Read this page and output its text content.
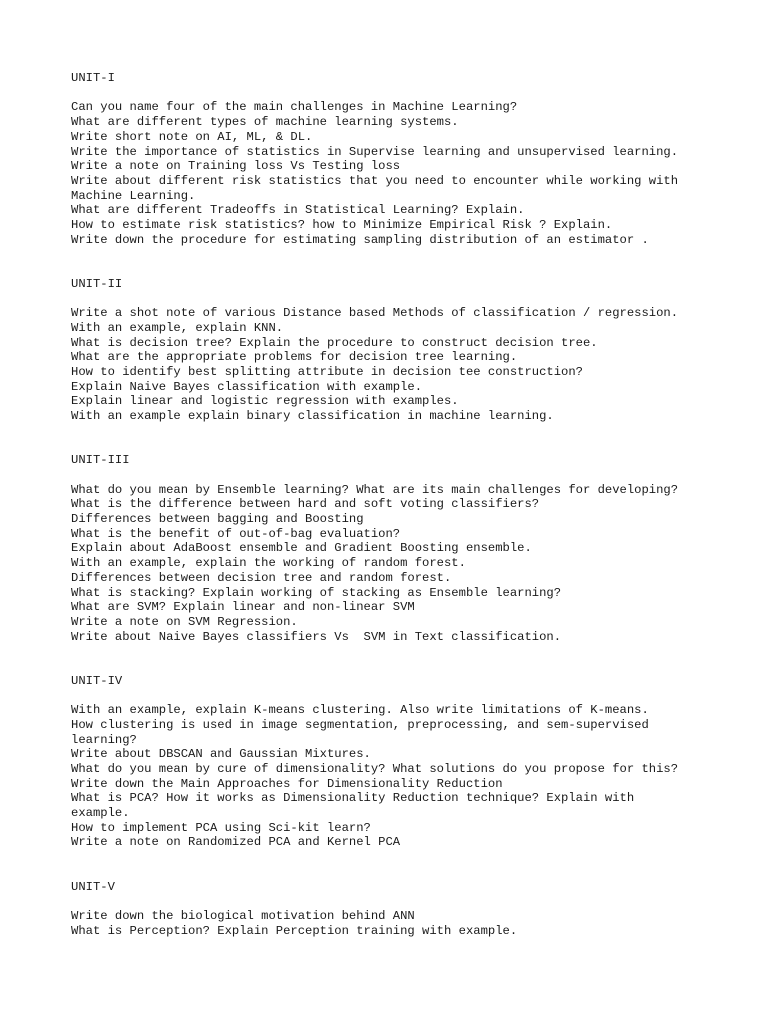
UNIT-I
Can you name four of the main challenges in Machine Learning?
What are different types of machine learning systems.
Write short note on AI, ML, & DL.
Write the importance of statistics in Supervise learning and unsupervised learning.
Write a note on Training loss Vs Testing loss
Write about different risk statistics that you need to encounter while working with
Machine Learning.
What are different Tradeoffs in Statistical Learning? Explain.
How to estimate risk statistics? how to Minimize Empirical Risk ? Explain.
Write down the procedure for estimating sampling distribution of an estimator .
UNIT-II
Write a shot note of various Distance based Methods of classification / regression.
With an example, explain KNN.
What is decision tree? Explain the procedure to construct decision tree.
What are the appropriate problems for decision tree learning.
How to identify best splitting attribute in decision tee construction?
Explain Naive Bayes classification with example.
Explain linear and logistic regression with examples.
With an example explain binary classification in machine learning.
UNIT-III
What do you mean by Ensemble learning? What are its main challenges for developing?
What is the difference between hard and soft voting classifiers?
Differences between bagging and Boosting
What is the benefit of out-of-bag evaluation?
Explain about AdaBoost ensemble and Gradient Boosting ensemble.
With an example, explain the working of random forest.
Differences between decision tree and random forest.
What is stacking? Explain working of stacking as Ensemble learning?
What are SVM? Explain linear and non-linear SVM
Write a note on SVM Regression.
Write about Naive Bayes classifiers Vs  SVM in Text classification.
UNIT-IV
With an example, explain K-means clustering. Also write limitations of K-means.
How clustering is used in image segmentation, preprocessing, and sem-supervised
learning?
Write about DBSCAN and Gaussian Mixtures.
What do you mean by cure of dimensionality? What solutions do you propose for this?
Write down the Main Approaches for Dimensionality Reduction
What is PCA? How it works as Dimensionality Reduction technique? Explain with
example.
How to implement PCA using Sci-kit learn?
Write a note on Randomized PCA and Kernel PCA
UNIT-V
Write down the biological motivation behind ANN
What is Perception? Explain Perception training with example.
